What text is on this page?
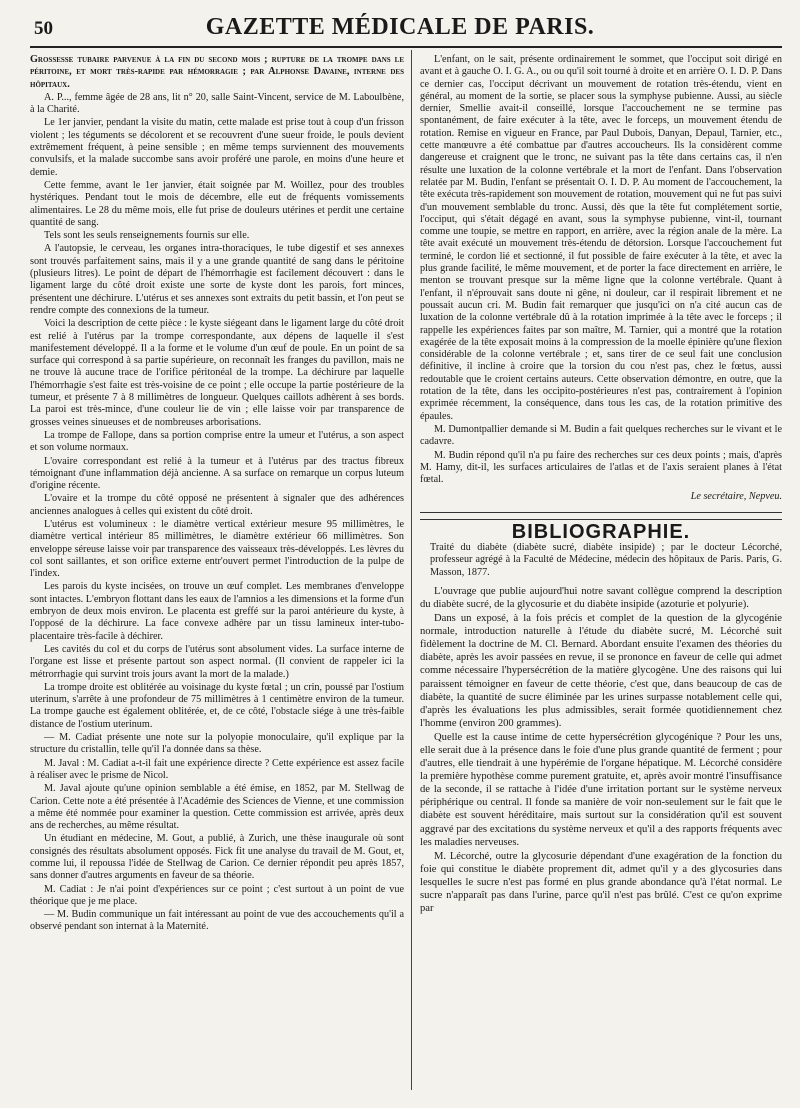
50	GAZETTE MÉDICALE DE PARIS.

Grossesse tubaire parvenue à la fin du second mois ; rupture de la trompe dans le péritoine, et mort très-rapide par hémorragie ; par Alphonse Davaine, interne des hôpitaux.

A. P..., femme âgée de 28 ans, lit n° 20, salle Saint-Vincent, service de M. Laboulbène, à la Charité.

Le 1er janvier, pendant la visite du matin, cette malade est prise tout à coup d'un frisson violent ; les téguments se décolorent et se recouvrent d'une sueur froide, le pouls devient extrêmement fréquent, à peine sensible ; en même temps surviennent des mouvements convulsifs, et la malade succombe sans avoir proféré une parole, en moins d'une heure et demie.

Cette femme, avant le 1er janvier, était soignée par M. Woillez, pour des troubles hystériques. Pendant tout le mois de décembre, elle eut de fréquents vomissements alimentaires. Le 28 du même mois, elle fut prise de douleurs utérines et perdit une certaine quantité de sang.

Tels sont les seuls renseignements fournis sur elle.

A l'autopsie, le cerveau, les organes intra-thoraciques, le tube digestif et ses annexes sont trouvés parfaitement sains, mais il y a une grande quantité de sang dans le péritoine (plusieurs litres). Le point de départ de l'hémorrhagie est facilement découvert : dans le ligament large du côté droit existe une sorte de kyste dont les parois, fort minces, présentent une déchirure. L'utérus et ses annexes sont extraits du petit bassin, et l'on peut se rendre compte des connexions de la tumeur.

Voici la description de cette pièce : le kyste siégeant dans le ligament large du côté droit est relié à l'utérus par la trompe correspondante, aux dépens de laquelle il s'est manifestement développé. Il a la forme et le volume d'un œuf de poule. En un point de sa surface qui correspond à sa partie supérieure, on reconnaît les franges du pavillon, mais ne ne trouve là aucune trace de l'orifice péritonéal de la trompe. La déchirure par laquelle l'hémorrhagie s'est faite est très-voisine de ce point ; elle occupe la partie postérieure de la tumeur, et présente 7 à 8 millimètres de longueur. Quelques caillots adhèrent à ses bords. La paroi est très-mince, d'une couleur lie de vin ; elle laisse voir par transparence de grosses veines sinueuses et de nombreuses arborisations.

La trompe de Fallope, dans sa portion comprise entre la umeur et l'utérus, a son aspect et son volume normaux.

L'ovaire correspondant est relié à la tumeur et à l'utérus par des tractus fibreux témoignant d'une inflammation déjà ancienne. A sa surface on remarque un corpus luteum d'origine récente.

L'ovaire et la trompe du côté opposé ne présentent à signaler que des adhérences anciennes analogues à celles qui existent du côté droit.

L'utérus est volumineux : le diamètre vertical extérieur mesure 95 millimètres, le diamètre vertical intérieur 85 millimètres, le diamètre extérieur 66 millimètres. Son enveloppe séreuse laisse voir par transparence des vaisseaux très-développés. Les lèvres du col sont saillantes, et son orifice externe entr'ouvert permet l'introduction de la pulpe de l'index.

Les parois du kyste incisées, on trouve un œuf complet. Les membranes d'enveloppe sont intactes. L'embryon flottant dans les eaux de l'amnios a les dimensions et la forme d'un embryon de deux mois environ. Le placenta est greffé sur la paroi antérieure du kyste, à l'opposé de la déchirure. La face convexe adhère par un tissu lamineux inter-tubo-placentaire très-facile à déchirer.

Les cavités du col et du corps de l'utérus sont absolument vides. La surface interne de l'organe est lisse et présente partout son aspect normal. (Il convient de rappeler ici la métrorrhagie qui survint trois jours avant la mort de la malade.)

La trompe droite est oblitérée au voisinage du kyste fœtal ; un crin, poussé par l'ostium uterinum, s'arrête à une profondeur de 75 millimètres à 1 centimètre environ de la tumeur. La trompe gauche est également oblitérée, et, de ce côté, l'obstacle siége à une très-faible distance de l'ostium uterinum.

— M. Cadiat présente une note sur la polyopie monoculaire, qu'il explique par la structure du cristallin, telle qu'il l'a donnée dans sa thèse.

M. Javal : M. Cadiat a-t-il fait une expérience directe ? Cette expérience est assez facile à réaliser avec le prisme de Nicol.

M. Javal ajoute qu'une opinion semblable a été émise, en 1852, par M. Stellwag de Carion. Cette note a été présentée à l'Académie des Sciences de Vienne, et une commission a même été nommée pour examiner la question. Cette commission est arrivée, après deux ans de recherches, au même résultat.

Un étudiant en médecine, M. Gout, a publié, à Zurich, une thèse inaugurale où sont consignés des résultats absolument opposés. Fick fit une analyse du travail de M. Gout, et, comme lui, il repoussa l'idée de Stellwag de Carion. Ce dernier répondit peu après 1857, sans donner d'autres arguments en faveur de sa théorie.

M. Cadiat : Je n'ai point d'expériences sur ce point ; c'est surtout à un point de vue théorique que je me place.

— M. Budin communique un fait intéressant au point de vue des accouchements qu'il a observé pendant son internat à la Maternité.

L'enfant, on le sait, présente ordinairement le sommet, que l'occiput soit dirigé en avant et à gauche O. I. G. A., ou ou qu'il soit tourné à droite et en arrière O. I. D. P. Dans ce dernier cas, l'occiput décrivant un mouvement de rotation très-étendu, vient en général, au moment de la sortie, se placer sous la symphyse pubienne. Aussi, au siècle dernier, Smellie avait-il conseillé, lorsque l'accouchement ne se termine pas spontanément, de faire exécuter à la tête, avec le forceps, un mouvement étendu de rotation. Remise en vigueur en France, par Paul Dubois, Danyan, Depaul, Tarnier, etc., cette manœuvre a été combattue par d'autres accoucheurs. Ils la considèrent comme dangereuse et craignent que le tronc, ne suivant pas la tête dans certains cas, il n'en résulte une luxation de la colonne vertébrale et la mort de l'enfant. Dans l'observation relatée par M. Budin, l'enfant se présentait O. I. D. P. Au moment de l'accouchement, la tête exécuta très-rapidement son mouvement de rotation, mouvement qui ne fut pas suivi d'un mouvement semblable du tronc. Aussi, dès que la tête fut complétement sortie, l'occiput, qui s'était dégagé en avant, sous la symphyse pubienne, vint-il, tournant comme une toupie, se mettre en rapport, en arrière, avec la région anale de la mère. La tête avait exécuté un mouvement très-étendu de détorsion. Lorsque l'accouchement fut terminé, le cordon lié et sectionné, il fut possible de faire exécuter à la tête, et avec la plus grande facilité, le même mouvement, et de porter la face directement en arrière, le menton se trouvant presque sur la même ligne que la colonne vertébrale. Quant à l'enfant, il n'éprouvait sans doute ni gêne, ni douleur, car il respirait librement et ne poussait aucun cri. M. Budin fait remarquer que jusqu'ici on n'a cité aucun cas de luxation de la colonne vertébrale dû à la rotation imprimée à la tête avec le forceps ; il rappelle les expériences faites par son maître, M. Tarnier, qui a montré que la rotation exagérée de la tête exposait moins à la compression de la moelle épinière qu'une flexion considérable de la colonne vertébrale ; et, sans tirer de ce seul fait une conclusion définitive, il incline à croire que la torsion du cou n'est pas, chez le fœtus, aussi redoutable que le croient certains auteurs. Cette observation démontre, en outre, que la rotation de la tête, dans les occipito-postérieures n'est pas, contrairement à l'opinion exprimée récemment, la conséquence, dans tous les cas, de la rotation primitive des épaules.

M. Dumontpallier demande si M. Budin a fait quelques recherches sur le vivant et le cadavre.

M. Budin répond qu'il n'a pu faire des recherches sur ces deux points ; mais, d'après M. Hamy, dit-il, les surfaces articulaires de l'atlas et de l'axis seraient planes à l'état fœtal.

Le secrétaire, Nepveu.

BIBLIOGRAPHIE.

Traité du diabète (diabète sucré, diabète insipide) ; par le docteur Lécorché, professeur agrégé à la Faculté de Médecine, médecin des hôpitaux de Paris. Paris, G. Masson, 1877.

L'ouvrage que publie aujourd'hui notre savant collègue comprend la description du diabète sucré, de la glycosurie et du diabète insipide (azoturie et polyurie).

Dans un exposé, à la fois précis et complet de la question de la glycogénie normale, introduction naturelle à l'étude du diabète sucré, M. Lécorché suit fidèlement la doctrine de M. Cl. Bernard. Abordant ensuite l'examen des théories du diabète, après les avoir passées en revue, il se prononce en faveur de celle qui admet comme nécessaire l'hypersécrétion de la matière glycogène. Une des raisons qui lui paraissent témoigner en faveur de cette théorie, c'est que, dans beaucoup de cas de diabète, la quantité de sucre éliminée par les urines surpasse notablement celle qui, d'après les évaluations les plus admissibles, serait formée quotidiennement chez l'homme (environ 200 grammes).

Quelle est la cause intime de cette hypersécrétion glycogénique ? Pour les uns, elle serait due à la présence dans le foie d'une plus grande quantité de ferment ; pour d'autres, elle tiendrait à une hypérémie de l'organe hépatique. M. Lécorché considère la première hypothèse comme purement gratuite, et, après avoir montré l'insuffisance de la seconde, il se rattache à l'idée d'une irritation portant sur le système nerveux périphérique ou central. Il fonde sa manière de voir non-seulement sur le fait que le diabète est souvent héréditaire, mais surtout sur la considération qu'il est souvent aggravé par des excitations du système nerveux et qu'il a des rapports fréquents avec les maladies nerveuses.

M. Lécorché, outre la glycosurie dépendant d'une exagération de la fonction du foie qui constitue le diabète proprement dit, admet qu'il y a des glycosuries dans lesquelles le sucre n'est pas formé en plus grande abondance qu'à l'état normal. Le sucre n'apparaît pas dans l'urine, parce qu'il n'est pas brûlé. C'est ce qu'on exprime par
